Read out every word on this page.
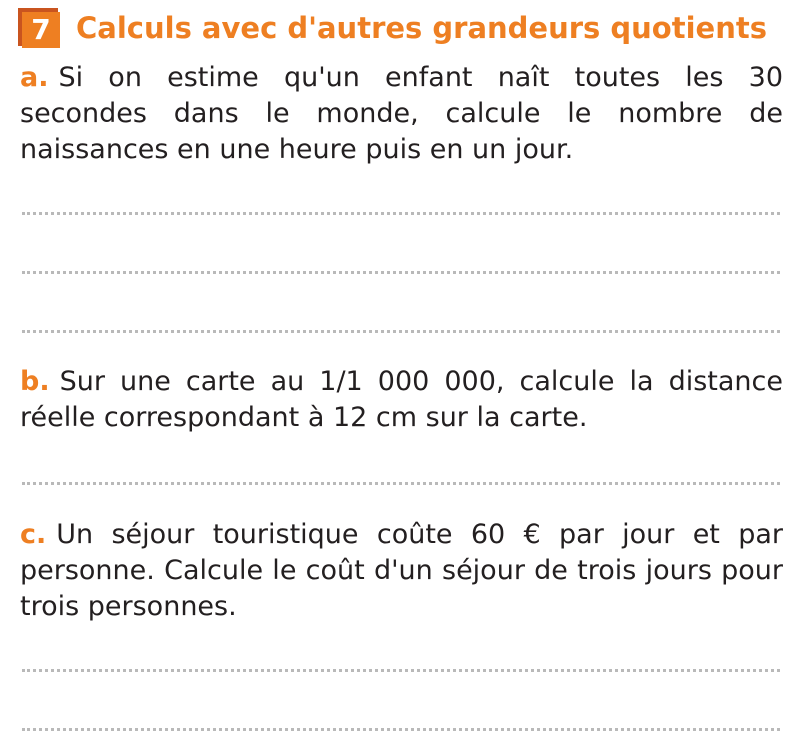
7 Calculs avec d'autres grandeurs quotients
a. Si on estime qu'un enfant naît toutes les 30 secondes dans le monde, calcule le nombre de naissances en une heure puis en un jour.
b. Sur une carte au 1/1 000 000, calcule la distance réelle correspondant à 12 cm sur la carte.
c. Un séjour touristique coûte 60 € par jour et par personne. Calcule le coût d'un séjour de trois jours pour trois personnes.
